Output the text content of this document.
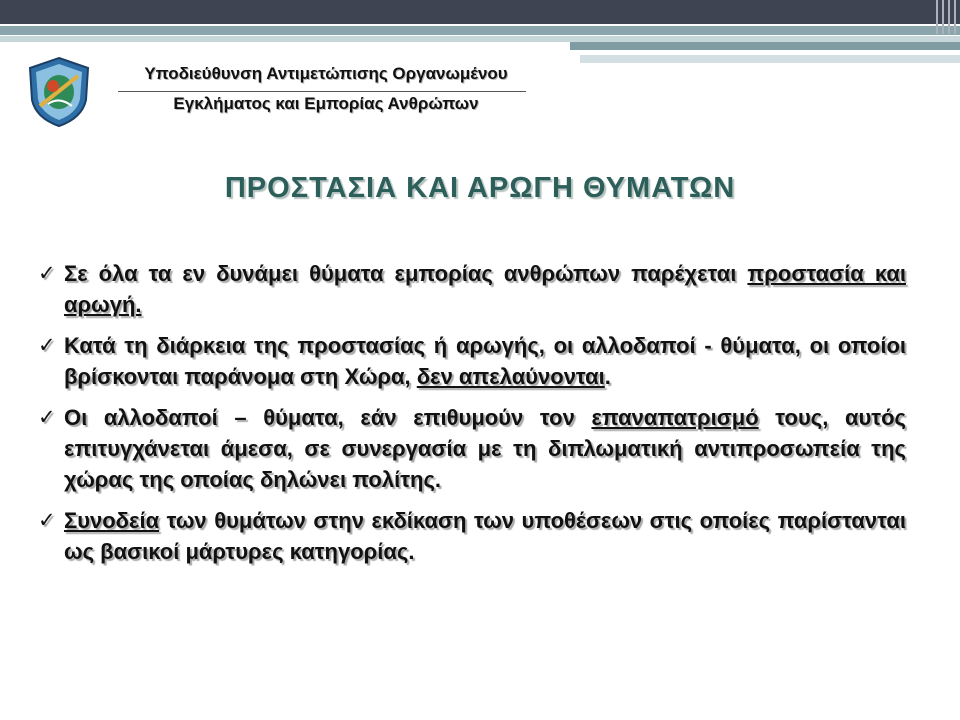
Υποδιεύθυνση Αντιμετώπισης Οργανωμένου
Εγκλήματος και Εμπορίας Ανθρώπων
ΠΡΟΣΤΑΣΙΑ ΚΑΙ ΑΡΩΓΗ ΘΥΜΑΤΩΝ
✓ Σε όλα τα εν δυνάμει θύματα εμπορίας ανθρώπων παρέχεται προστασία και αρωγή.
✓ Κατά τη διάρκεια της προστασίας ή αρωγής, οι αλλοδαποί - θύματα, οι οποίοι βρίσκονται παράνομα στη Χώρα, δεν απελαύνονται.
✓ Οι αλλοδαποί – θύματα, εάν επιθυμούν τον επαναπατρισμό τους, αυτός επιτυγχάνεται άμεσα, σε συνεργασία με τη διπλωματική αντιπροσωπεία της χώρας της οποίας δηλώνει πολίτης.
✓ Συνοδεία των θυμάτων στην εκδίκαση των υποθέσεων στις οποίες παρίστανται ως βασικοί μάρτυρες κατηγορίας.
